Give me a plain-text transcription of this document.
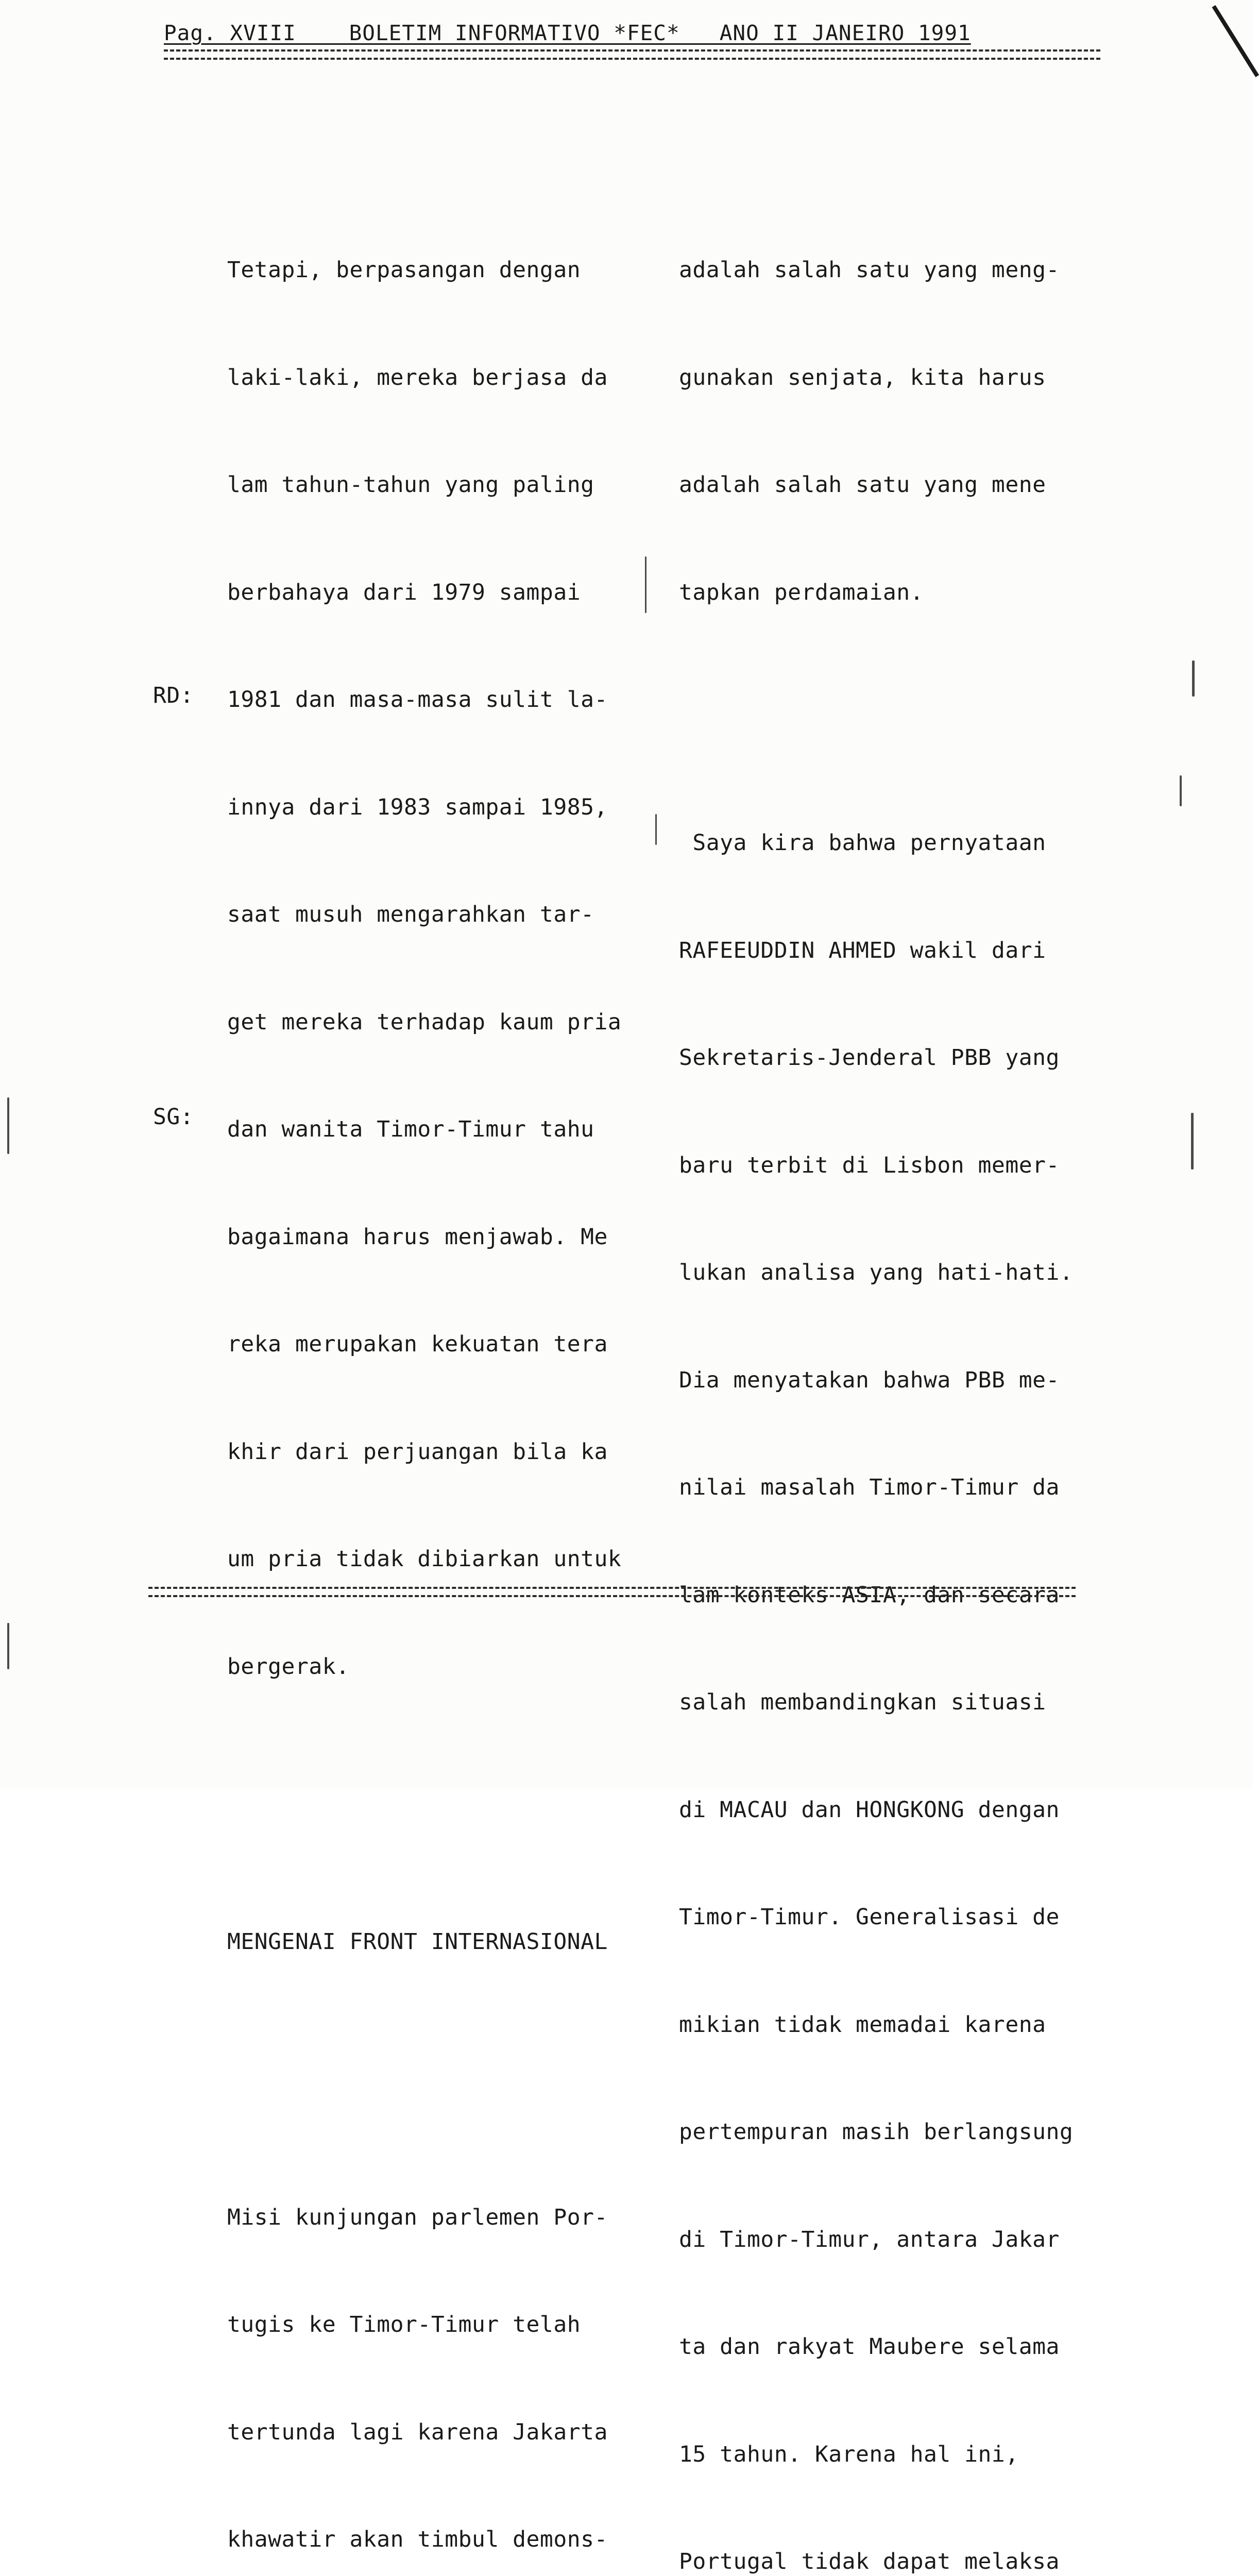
Pag. XVIII    BOLETIM INFORMATIVO *FEC*   ANO II JANEIRO 1991
RD:
SG:

Tetapi, berpasangan dengan

laki-laki, mereka berjasa da

lam tahun-tahun yang paling

berbahaya dari 1979 sampai

1981 dan masa-masa sulit la-

innya dari 1983 sampai 1985,

saat musuh mengarahkan tar-

get mereka terhadap kaum pria

dan wanita Timor-Timur tahu

bagaimana harus menjawab. Me

reka merupakan kekuatan tera

khir dari perjuangan bila ka

um pria tidak dibiarkan untuk

bergerak.

MENGENAI FRONT INTERNASIONAL

Misi kunjungan parlemen Por-

tugis ke Timor-Timur telah

tertunda lagi karena Jakarta

khawatir akan timbul demons-

adalah salah satu yang meng-

gunakan senjata, kita harus

adalah salah satu yang mene

tapkan perdamaian.

Saya kira bahwa pernyataan

RAFEEUDDIN AHMED wakil dari

Sekretaris-Jenderal PBB yang

baru terbit di Lisbon memer-

lukan analisa yang hati-hati.

Dia menyatakan bahwa PBB me-

nilai masalah Timor-Timur da

lam konteks ASIA, dan secara

salah membandingkan situasi

di MACAU dan HONGKONG dengan

Timor-Timur. Generalisasi de

mikian tidak memadai karena

pertempuran masih berlangsung

di Timor-Timur, antara Jakar

ta dan rakyat Maubere selama

15 tahun. Karena hal ini,

Portugal tidak dapat melaksa
